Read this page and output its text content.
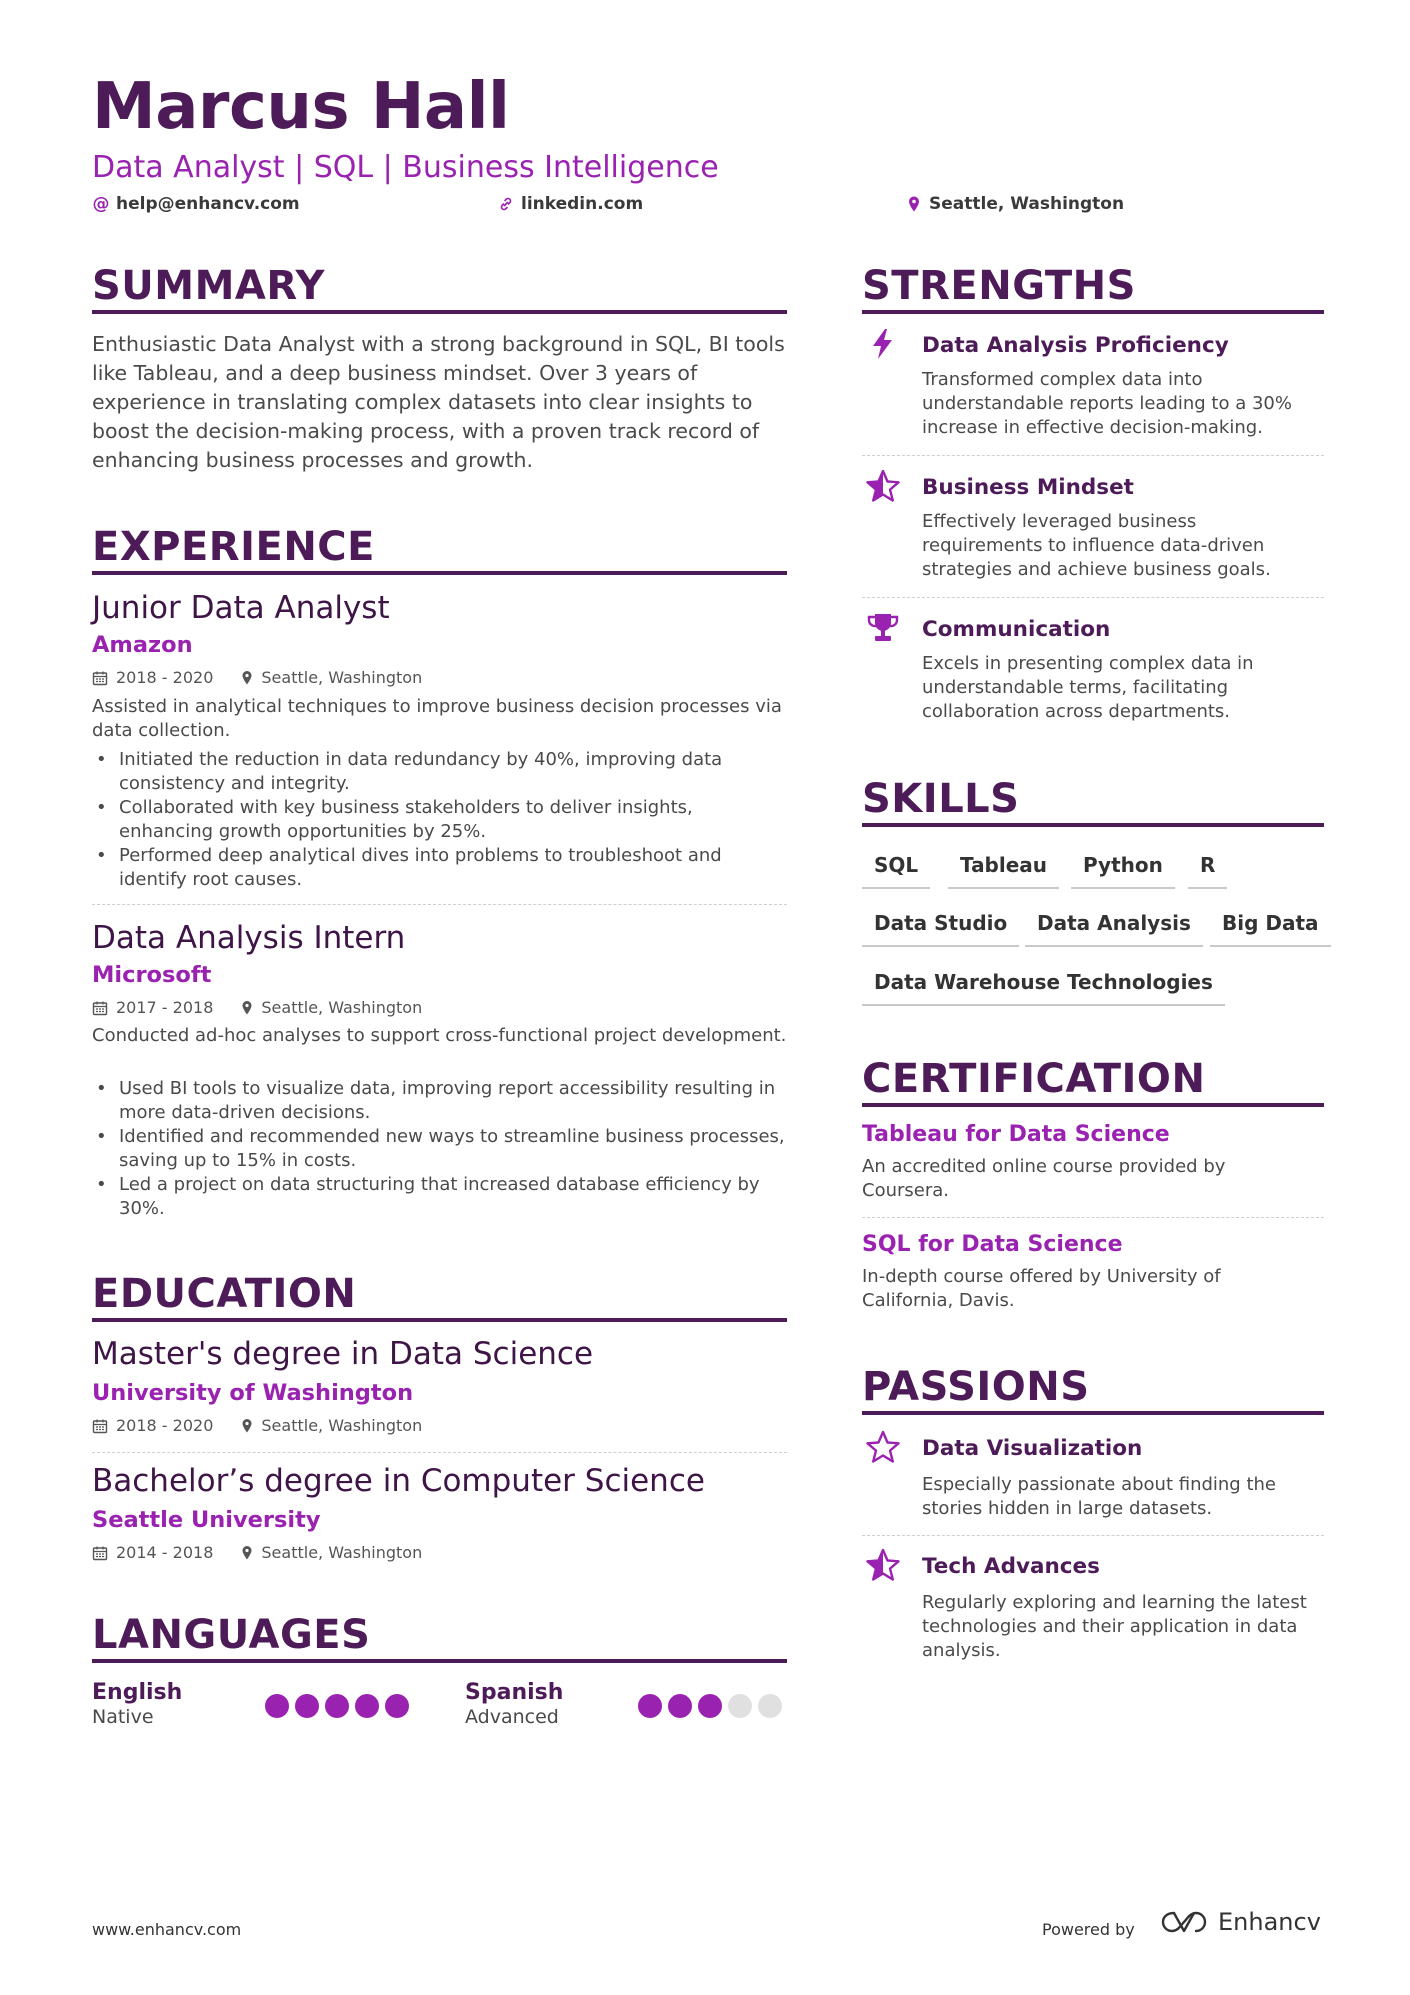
Marcus Hall
Data Analyst | SQL | Business Intelligence
@ help@enhancv.com	linkedin.com	Seattle, Washington
SUMMARY
Enthusiastic Data Analyst with a strong background in SQL, BI tools like Tableau, and a deep business mindset. Over 3 years of experience in translating complex datasets into clear insights to boost the decision-making process, with a proven track record of enhancing business processes and growth.
EXPERIENCE
Junior Data Analyst
Amazon
2018 - 2020	Seattle, Washington
Assisted in analytical techniques to improve business decision processes via data collection.
• Initiated the reduction in data redundancy by 40%, improving data consistency and integrity.
• Collaborated with key business stakeholders to deliver insights, enhancing growth opportunities by 25%.
• Performed deep analytical dives into problems to troubleshoot and identify root causes.
Data Analysis Intern
Microsoft
2017 - 2018	Seattle, Washington
Conducted ad-hoc analyses to support cross-functional project development.
• Used BI tools to visualize data, improving report accessibility resulting in more data-driven decisions.
• Identified and recommended new ways to streamline business processes, saving up to 15% in costs.
• Led a project on data structuring that increased database efficiency by 30%.
EDUCATION
Master's degree in Data Science
University of Washington
2018 - 2020	Seattle, Washington
Bachelor’s degree in Computer Science
Seattle University
2014 - 2018	Seattle, Washington
LANGUAGES
English
Native
Spanish
Advanced
STRENGTHS
Data Analysis Proficiency
Transformed complex data into understandable reports leading to a 30% increase in effective decision-making.
Business Mindset
Effectively leveraged business requirements to influence data-driven strategies and achieve business goals.
Communication
Excels in presenting complex data in understandable terms, facilitating collaboration across departments.
SKILLS
SQL	Tableau	Python	R
Data Studio	Data Analysis	Big Data
Data Warehouse Technologies
CERTIFICATION
Tableau for Data Science
An accredited online course provided by Coursera.
SQL for Data Science
In-depth course offered by University of California, Davis.
PASSIONS
Data Visualization
Especially passionate about finding the stories hidden in large datasets.
Tech Advances
Regularly exploring and learning the latest technologies and their application in data analysis.
www.enhancv.com	Powered by	Enhancv
